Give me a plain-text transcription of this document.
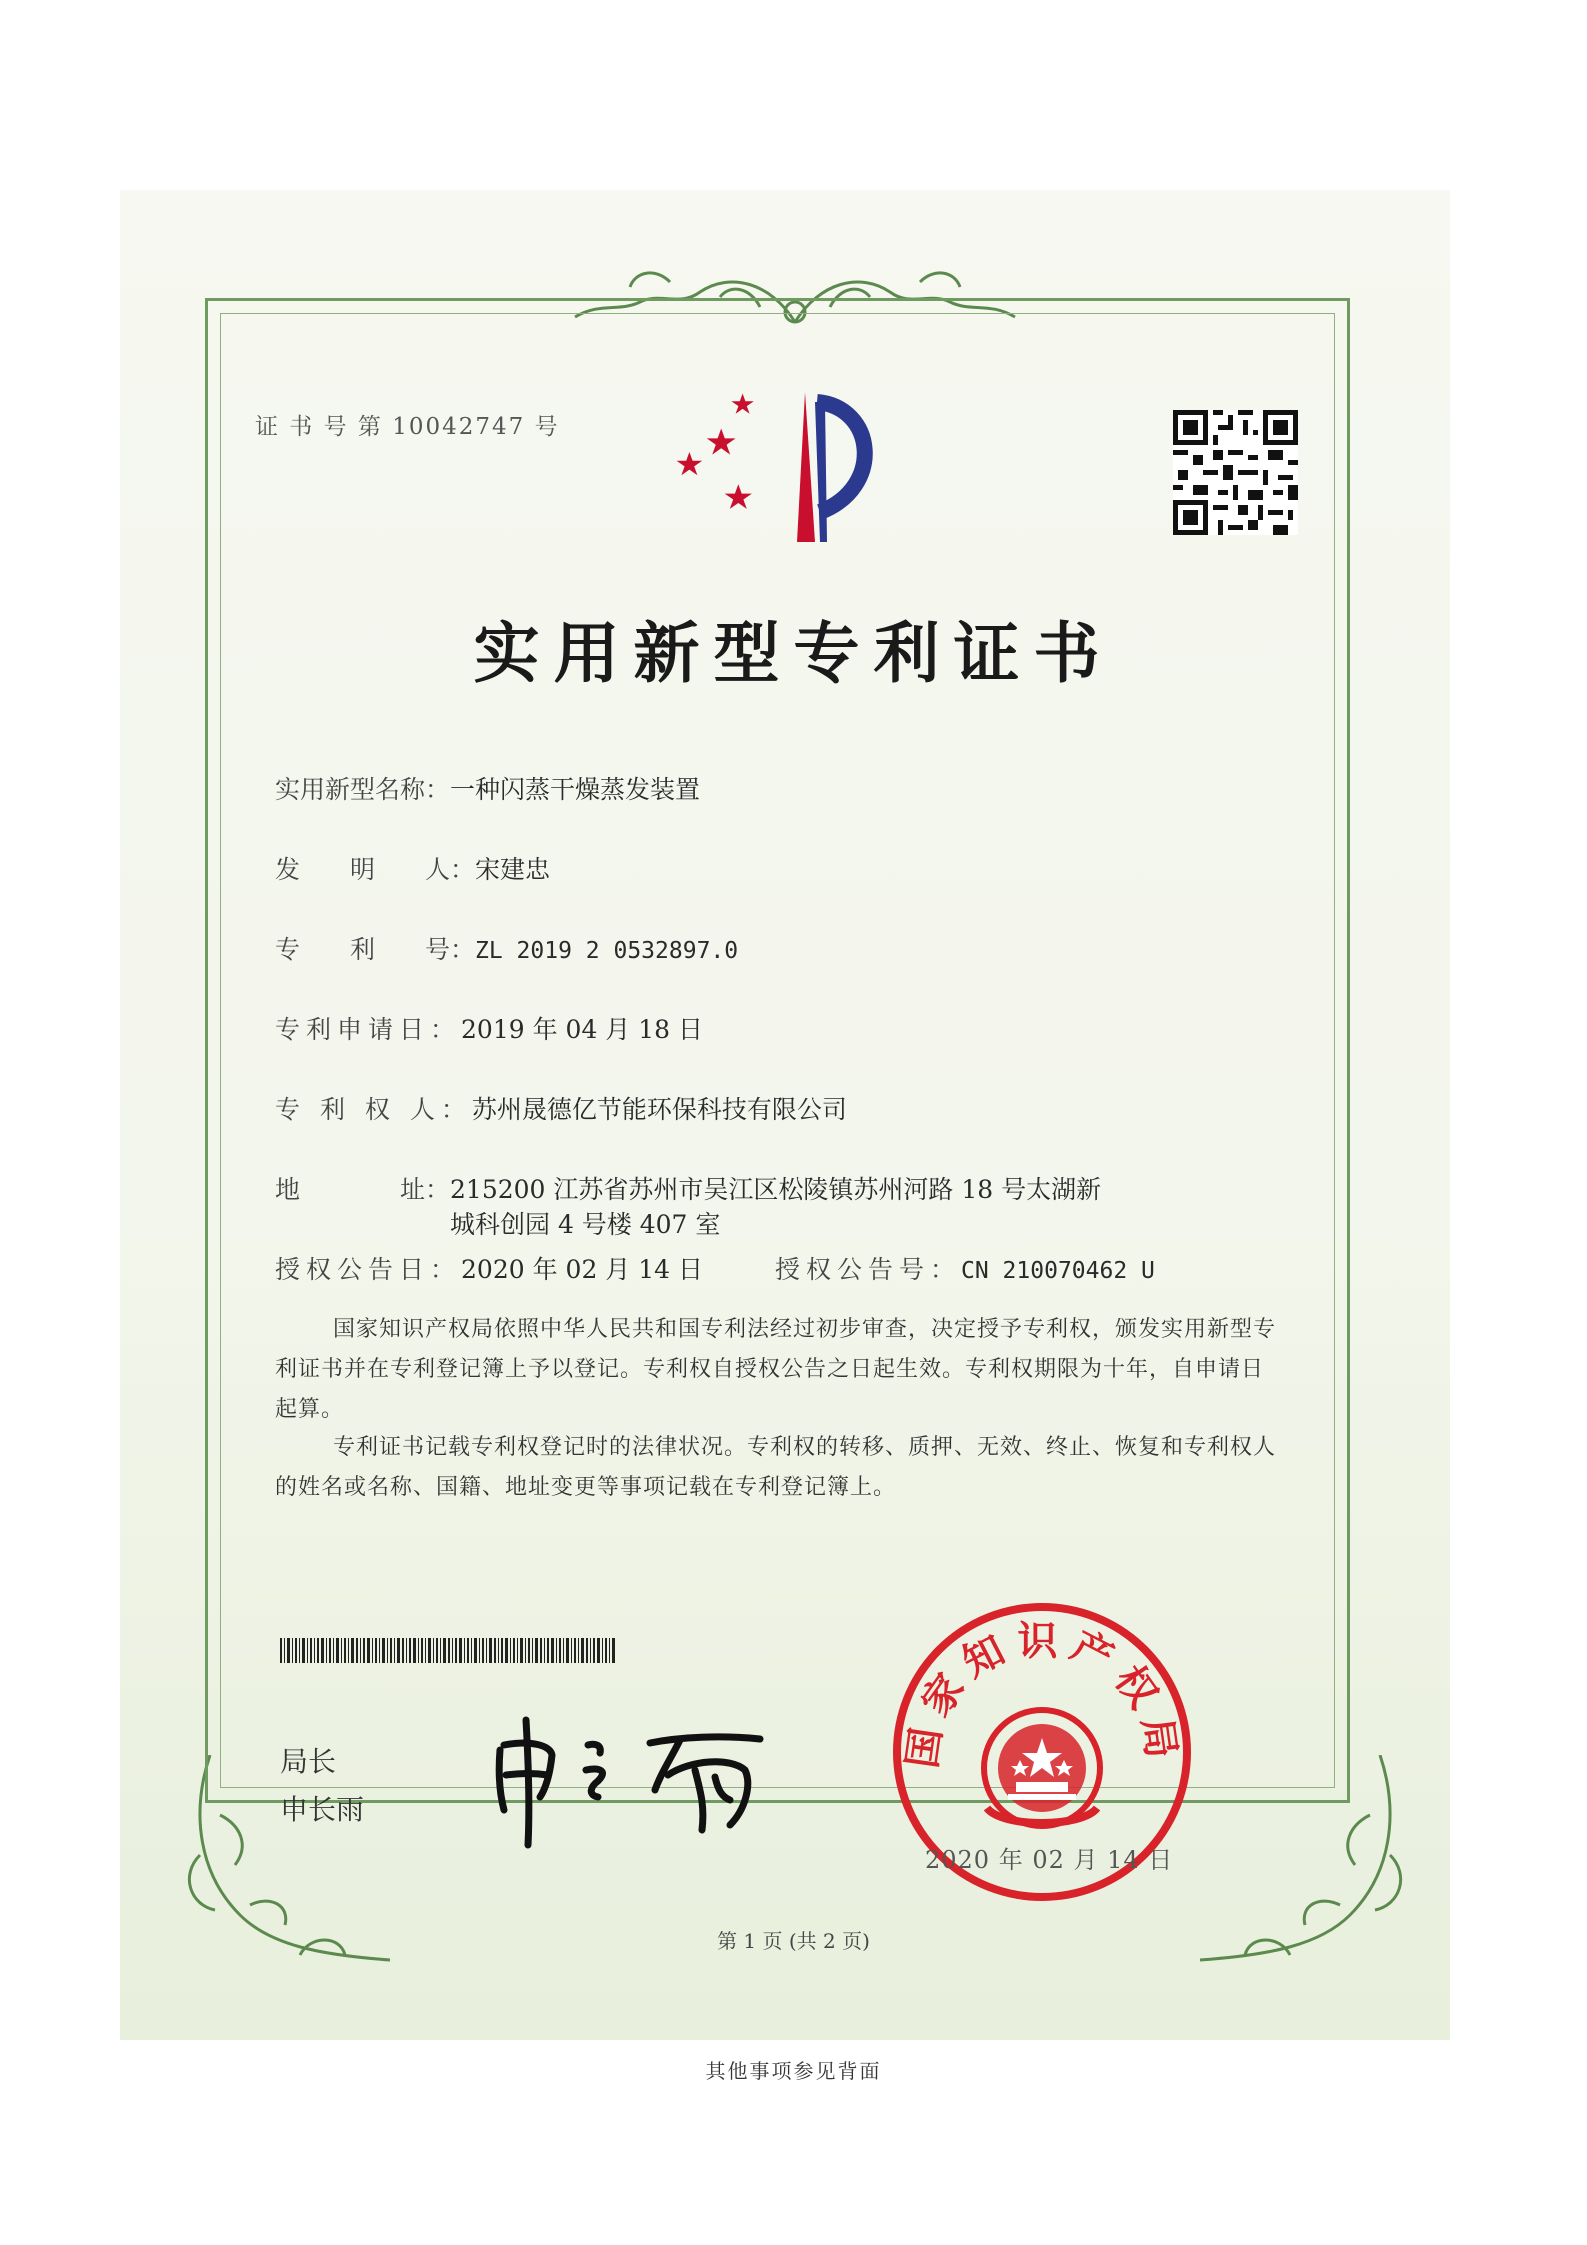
证 书 号 第 10042747 号
实用新型专利证书
实用新型名称：一种闪蒸干燥蒸发装置
发　　明　　人：宋建忠
专　　利　　号：ZL 2019 2 0532897.0
专利申请日：2019 年 04 月 18 日
专 利 权 人：苏州晟德亿节能环保科技有限公司
地　　　　址：215200 江苏省苏州市吴江区松陵镇苏州河路 18 号太湖新
城科创园 4 号楼 407 室
授权公告日：2020 年 02 月 14 日	授权公告号：CN 210070462 U
国家知识产权局依照中华人民共和国专利法经过初步审查，决定授予专利权，颁发实用新型专利证书并在专利登记簿上予以登记。专利权自授权公告之日起生效。专利权期限为十年，自申请日起算。
专利证书记载专利权登记时的法律状况。专利权的转移、质押、无效、终止、恢复和专利权人的姓名或名称、国籍、地址变更等事项记载在专利登记簿上。
局长
申长雨
国家知识产权局
2020 年 02 月 14 日
第 1 页 (共 2 页)
其他事项参见背面
